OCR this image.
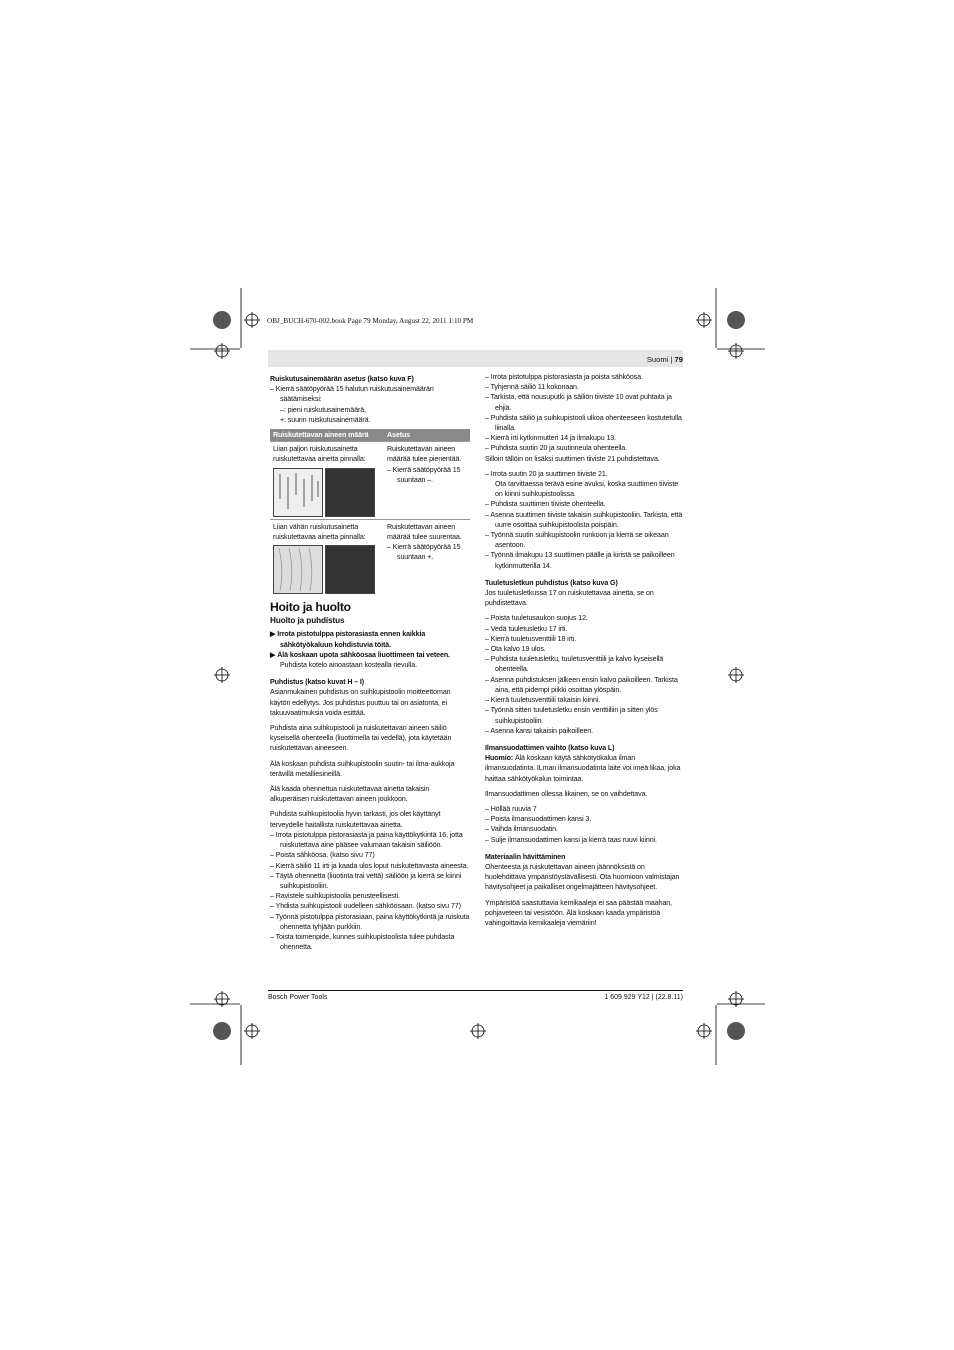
OBJ_BUCH-670-002.book Page 79 Monday, August 22, 2011 1:10 PM
Suomi | 79

Ruiskutusainemäärän asetus (katso kuva F)

– Kierrä säätöpyörää 15 halutun ruiskutusainemäärän säätämiseksi:

–: pieni ruiskutusainemäärä,

+: suurin ruiskutusainemäärä.

Ruiskutettavan aineen määrä	Asetus

Liian paljon ruiskutusainetta ruiskutettavaa ainetta pinnalla:	Ruiskutettavan aineen määrää tulee pienentää.
– Kierrä säätöpyörää 15 suuntaan –.

Liian vähän ruiskutusainetta ruiskutettavaa ainetta pinnalla:	Ruiskutettavan aineen määrää tulee suurentaa.
– Kierrä säätöpyörää 15 suuntaan +.
Hoito ja huolto
Huolto ja puhdistus

▶ Irrota pistotulppa pistorasiasta ennen kaikkia sähkötyökaluun kohdistuvia töitä.

▶ Älä koskaan upota sähköosaa liuottimeen tai veteen.

Puhdista kotelo ainoastaan kostealla rievulla.

Puhdistus (katso kuvat H – I)

Asianmukainen puhdistus on suihkupistoolin moitteettoman käytön edellytys. Jos puhdistus puuttuu tai on asiatonta, ei takuuvaatimuksia voida esittää.

Puhdista aina suihkupistooli ja ruiskutettavan aineen säiliö kyseisellä ohenteella (liuottimella tai vedellä), jota käytetään ruiskutettavan aineeseen.

Älä koskaan puhdista suihkupistoolin suutin- tai ilma-aukkoja terävillä metalliesineillä.

Älä kaada ohennettua ruiskutettavaa ainetta takaisin alkuperäisen ruiskutettavan aineen joukkoon.

Puhdista suihkupistoolia hyvin tarkasti, jos olet käyttänyt terveydelle haitallista ruiskutettavaa ainetta.

– Irrota pistotulppa pistorasiasta ja paina käyttökytkintä 16, jotta ruiskutettava aine pääsee valumaan takaisin säiliöön.

– Poista sähköosa. (katso sivu 77)

– Kierrä säiliö 11 irti ja kaada ulos loput ruiskutettavasta aineesta.

– Täytä ohennetta (liuotinta trai vettä) säiliöön ja kierrä se kiinni suihkupistooliin.

– Ravistele suihkupistoolia perusteellisesti.

– Yhdista suihkupistooli uudelleen sähköosaan. (katso sivu 77)

– Työnnä pistotulppa pistorasiaan, paina käyttökytkintä ja ruiskuta ohennetta tyhjään purkkiin.

– Toista toimenpide, kunnes suihkupistoolista tulee puhdasta ohennetta.

– Irrota pistotulppa pistorasiasta ja poista sähköosa.

– Tyhjennä säiliö 11 kokonaan.

– Tarkista, että nousuputki ja säiliön tiiviste 10 ovat puhtaita ja ehjiä.

– Puhdista säiliö ja suihkupistooli ulkoa ohenteeseen kostutetulla liinalla.

– Kierrä irti kytkinmutteri 14 ja ilmakupu 13.

– Puhdista suutin 20 ja suutinneula ohenteella.

Silloin tällöin on lisäksi suuttimen tiiviste 21 puhdistettava.

– Irrota suutin 20 ja suuttimen tiiviste 21.

Ota tarvittaessa terävä esine avuksi, koska suuttimen tiiviste on kiinni suihkupistoolissa.

– Puhdista suuttimen tiiviste ohenteella.

– Asenna suuttimen tiiviste takaisin suihkupistooliin. Tarkista, että uurre osoittaa suihkupistoolista poispäin.

– Työnnä suutin suihkupistoolin runkoon ja kierrä se oikeaan asentoon.

– Työnnä ilmakupu 13 suuttimen päälle ja kiristä se paikoilleen kytkinmutterilla 14.

Tuuletusletkun puhdistus (katso kuva G)

Jos tuuletusletkussa 17 on ruiskutettavaa ainetta, se on puhdistettava.

– Poista tuuletusaukon suojus 12.

– Vedä tuuletusletku 17 irti.

– Kierrä tuuletusventtiili 18 irti.

– Ota kalvo 19 ulos.

– Puhdista tuuletusletku, tuuletusventtiili ja kalvo kyseisellä ohenteella.

– Asenna puhdistuksen jälkeen ensin kalvo paikoilleen. Tarkista aina, että pidempi piikki osoittaa ylöspäin.

– Kierrä tuuletusventtiili takaisin kiinni.

– Työnnä sitten tuuletusletku ensin venttiiliin ja sitten ylös suihkupistooliin.

– Asenna kansi takaisin paikoilleen.

Ilmansuodattimen vaihto (katso kuva L)

Huomio: Älä koskaan käytä sähkötyökalua ilman ilmansuodatinta. ILman ilmansuodatinta laite voi imeä likaa, joka haittaa sähkötyökalun toimintaa.

Ilmansuodattimen ollessa likainen, se on vaihdettava.

– Höllää ruuvia 7

– Poista ilmansuodattimen kansi 3.

– Vaihda ilmansuodatin.

– Sulje ilmansuodattimen kansi ja kierrä taas ruuvi kiinni.

Materiaalin hävittäminen

Ohenteesta ja ruiskutettavan aineen jäännöksistä on huolehdittava ympäristöystävällisesti. Ota huomioon valmistajan hävitysohjeet ja paikalliset ongelmajätteen hävitysohjeet.

Ympäristöä saastuttavia kemikaaleja ei saa päästää maahan, pohjaveteen tai vesistöön. Älä koskaan kaada ympäristöä vahingoittavia kemikaaleja viemäriin!

Bosch Power Tools	1 609 929 Y12 | (22.8.11)
